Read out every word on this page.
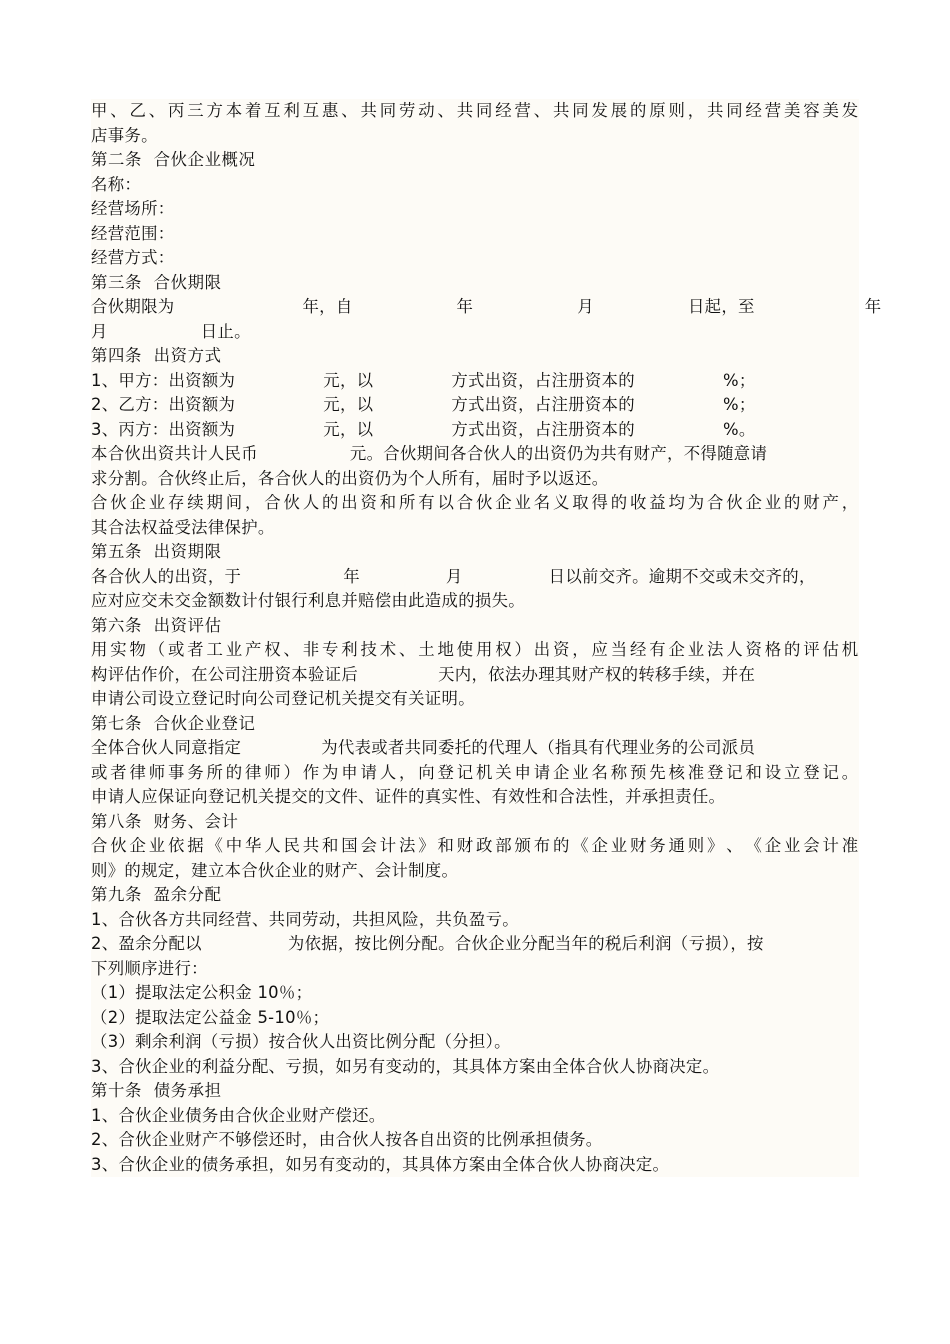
甲 、 乙 、 丙 三 方 本 着 互 利 互 惠 、 共 同 劳 动 、 共 同 经 营 、 共 同 发 展 的 原 则 ， 共 同 经 营 美 容 美 发
店事务。
第二条  合伙企业概况
名称：
经营场所：
经营范围：
经营方式：
第三条  合伙期限
合伙期限为	年，自	年	月	日起，至	年
月	日止。
第四条  出资方式
1、甲方：出资额为	元，以	方式出资，占注册资本的	%；
2、乙方：出资额为	元，以	方式出资，占注册资本的	%；
3、丙方：出资额为	元，以	方式出资，占注册资本的	%。
本合伙出资共计人民币	元。合伙期间各合伙人的出资仍为共有财产，不得随意请
求分割。合伙终止后，各合伙人的出资仍为个人所有，届时予以返还。
合 伙 企 业 存 续 期 间 ， 合 伙 人 的 出 资 和 所 有 以 合 伙 企 业 名 义 取 得 的 收 益 均 为 合 伙 企 业 的 财 产 ，
其合法权益受法律保护。
第五条  出资期限
各合伙人的出资，于	年	月	日以前交齐。逾期不交或未交齐的，
应对应交未交金额数计付银行利息并赔偿由此造成的损失。
第六条  出资评估
用 实 物 （ 或 者 工 业 产 权 、 非 专 利 技 术 、 土 地 使 用 权 ） 出 资 ， 应 当 经 有 企 业 法 人 资 格 的 评 估 机
构评估作价，在公司注册资本验证后	天内，依法办理其财产权的转移手续，并在
申请公司设立登记时向公司登记机关提交有关证明。
第七条  合伙企业登记
全体合伙人同意指定	为代表或者共同委托的代理人（指具有代理业务的公司派员
或 者 律 师 事 务 所 的 律 师 ） 作 为 申 请 人 ， 向 登 记 机 关 申 请 企 业 名 称 预 先 核 准 登 记 和 设 立 登 记 。
申请人应保证向登记机关提交的文件、证件的真实性、有效性和合法性，并承担责任。
第八条  财务、会计
合 伙 企 业 依 据 《 中 华 人 民 共 和 国 会 计 法 》 和 财 政 部 颁 布 的 《 企 业 财 务 通 则 》 、 《 企 业 会 计 准
则》的规定，建立本合伙企业的财产、会计制度。
第九条  盈余分配
1、合伙各方共同经营、共同劳动，共担风险，共负盈亏。
2、盈余分配以	为依据，按比例分配。合伙企业分配当年的税后利润（亏损），按
下列顺序进行：
（1）提取法定公积金 10％；
（2）提取法定公益金 5-10％；
（3）剩余利润（亏损）按合伙人出资比例分配（分担）。
3、合伙企业的利益分配、亏损，如另有变动的，其具体方案由全体合伙人协商决定。
第十条  债务承担
1、合伙企业债务由合伙企业财产偿还。
2、合伙企业财产不够偿还时，由合伙人按各自出资的比例承担债务。
3、合伙企业的债务承担，如另有变动的，其具体方案由全体合伙人协商决定。
